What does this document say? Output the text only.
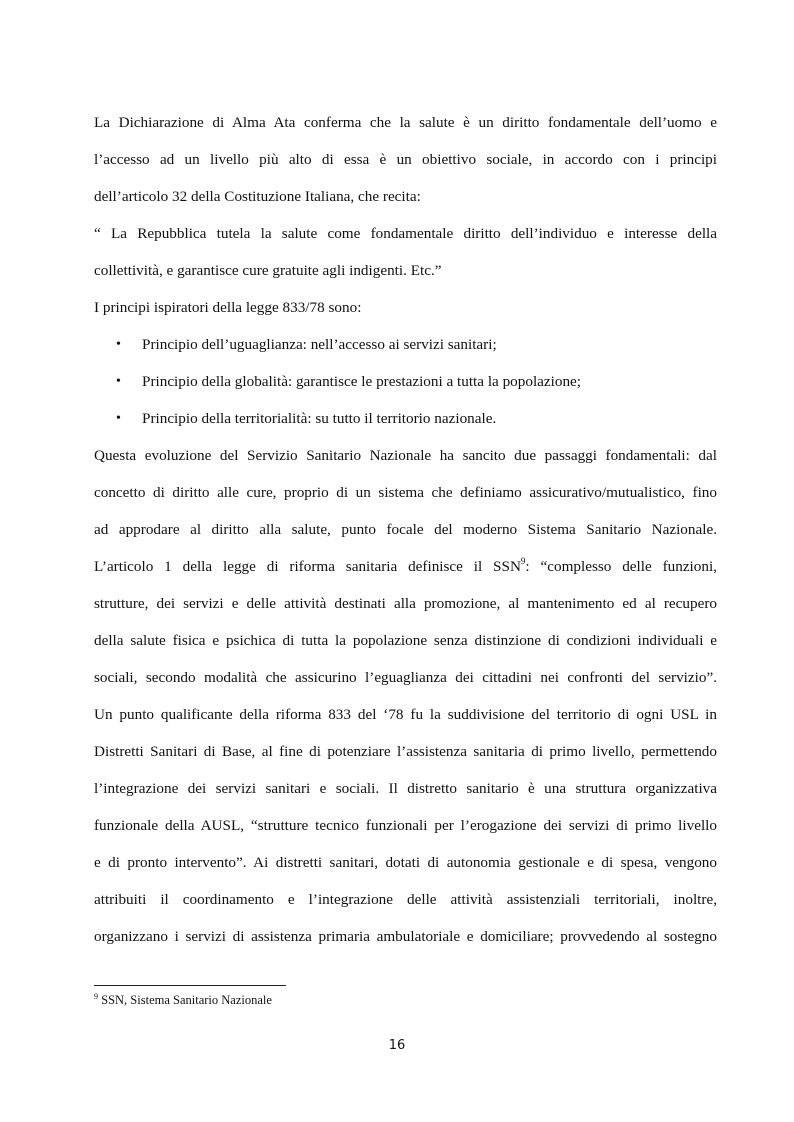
La Dichiarazione di Alma Ata conferma che la salute è un diritto fondamentale dell’uomo e
l’accesso ad un livello più alto di essa è un obiettivo sociale, in accordo con i principi
dell’articolo 32 della Costituzione Italiana, che recita:
“ La Repubblica tutela la salute come fondamentale diritto dell’individuo e interesse della
collettività, e garantisce cure gratuite agli indigenti. Etc.”
I principi ispiratori della legge 833/78 sono:
• Principio dell’uguaglianza: nell’accesso ai servizi sanitari;
• Principio della globalità: garantisce le prestazioni a tutta la popolazione;
• Principio della territorialità: su tutto il territorio nazionale.
Questa evoluzione del Servizio Sanitario Nazionale ha sancito due passaggi fondamentali: dal
concetto di diritto alle cure, proprio di un sistema che definiamo assicurativo/mutualistico, fino
ad approdare al diritto alla salute, punto focale del moderno Sistema Sanitario Nazionale.
L’articolo 1 della legge di riforma sanitaria definisce il SSN$^9$: “complesso delle funzioni,
strutture, dei servizi e delle attività destinati alla promozione, al mantenimento ed al recupero
della salute fisica e psichica di tutta la popolazione senza distinzione di condizioni individuali e
sociali, secondo modalità che assicurino l’eguaglianza dei cittadini nei confronti del servizio”.
Un punto qualificante della riforma 833 del ‘78 fu la suddivisione del territorio di ogni USL in
Distretti Sanitari di Base, al fine di potenziare l’assistenza sanitaria di primo livello, permettendo
l’integrazione dei servizi sanitari e sociali. Il distretto sanitario è una struttura organizzativa
funzionale della AUSL, “strutture tecnico funzionali per l’erogazione dei servizi di primo livello
e di pronto intervento”. Ai distretti sanitari, dotati di autonomia gestionale e di spesa, vengono
attribuiti il coordinamento e l’integrazione delle attività assistenziali territoriali, inoltre,
organizzano i servizi di assistenza primaria ambulatoriale e domiciliare; provvedendo al sostegno
$^9$ SSN, Sistema Sanitario Nazionale
16
